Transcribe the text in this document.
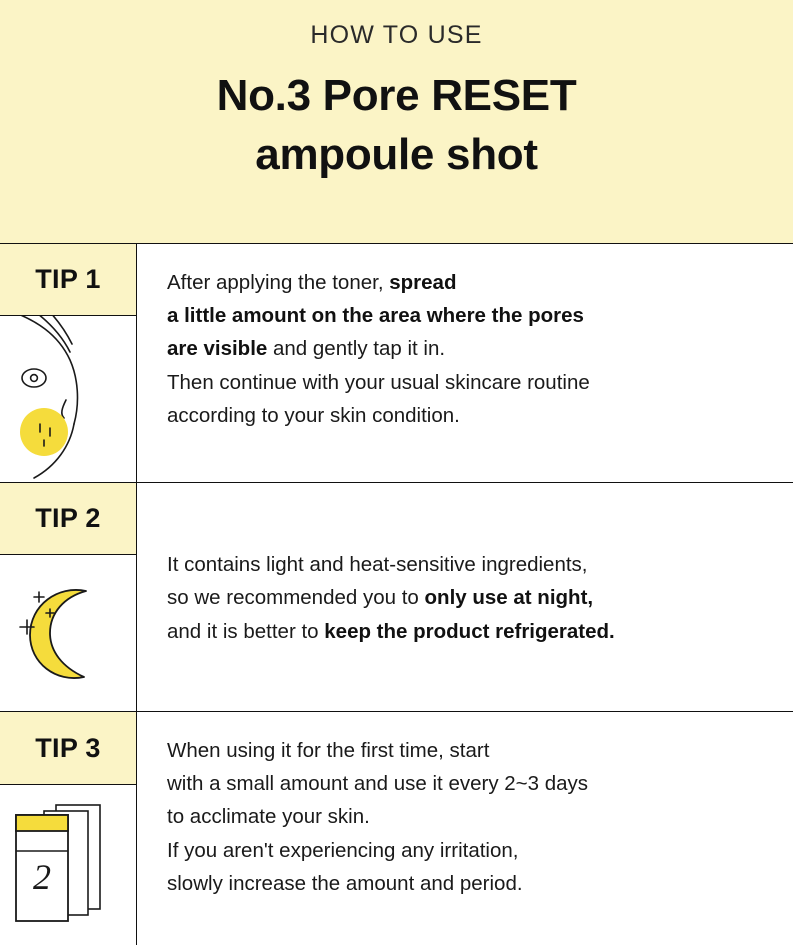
HOW TO USE
No.3 Pore RESET
ampoule shot
TIP 1	After applying the toner, spread
a little amount on the area where the pores
are visible and gently tap it in.
Then continue with your usual skincare routine
according to your skin condition.
TIP 2
It contains light and heat-sensitive ingredients,
so we recommended you to only use at night,
and it is better to keep the product refrigerated.
TIP 3
2
When using it for the first time, start
with a small amount and use it every 2~3 days
to acclimate your skin.
If you aren't experiencing any irritation,
slowly increase the amount and period.
